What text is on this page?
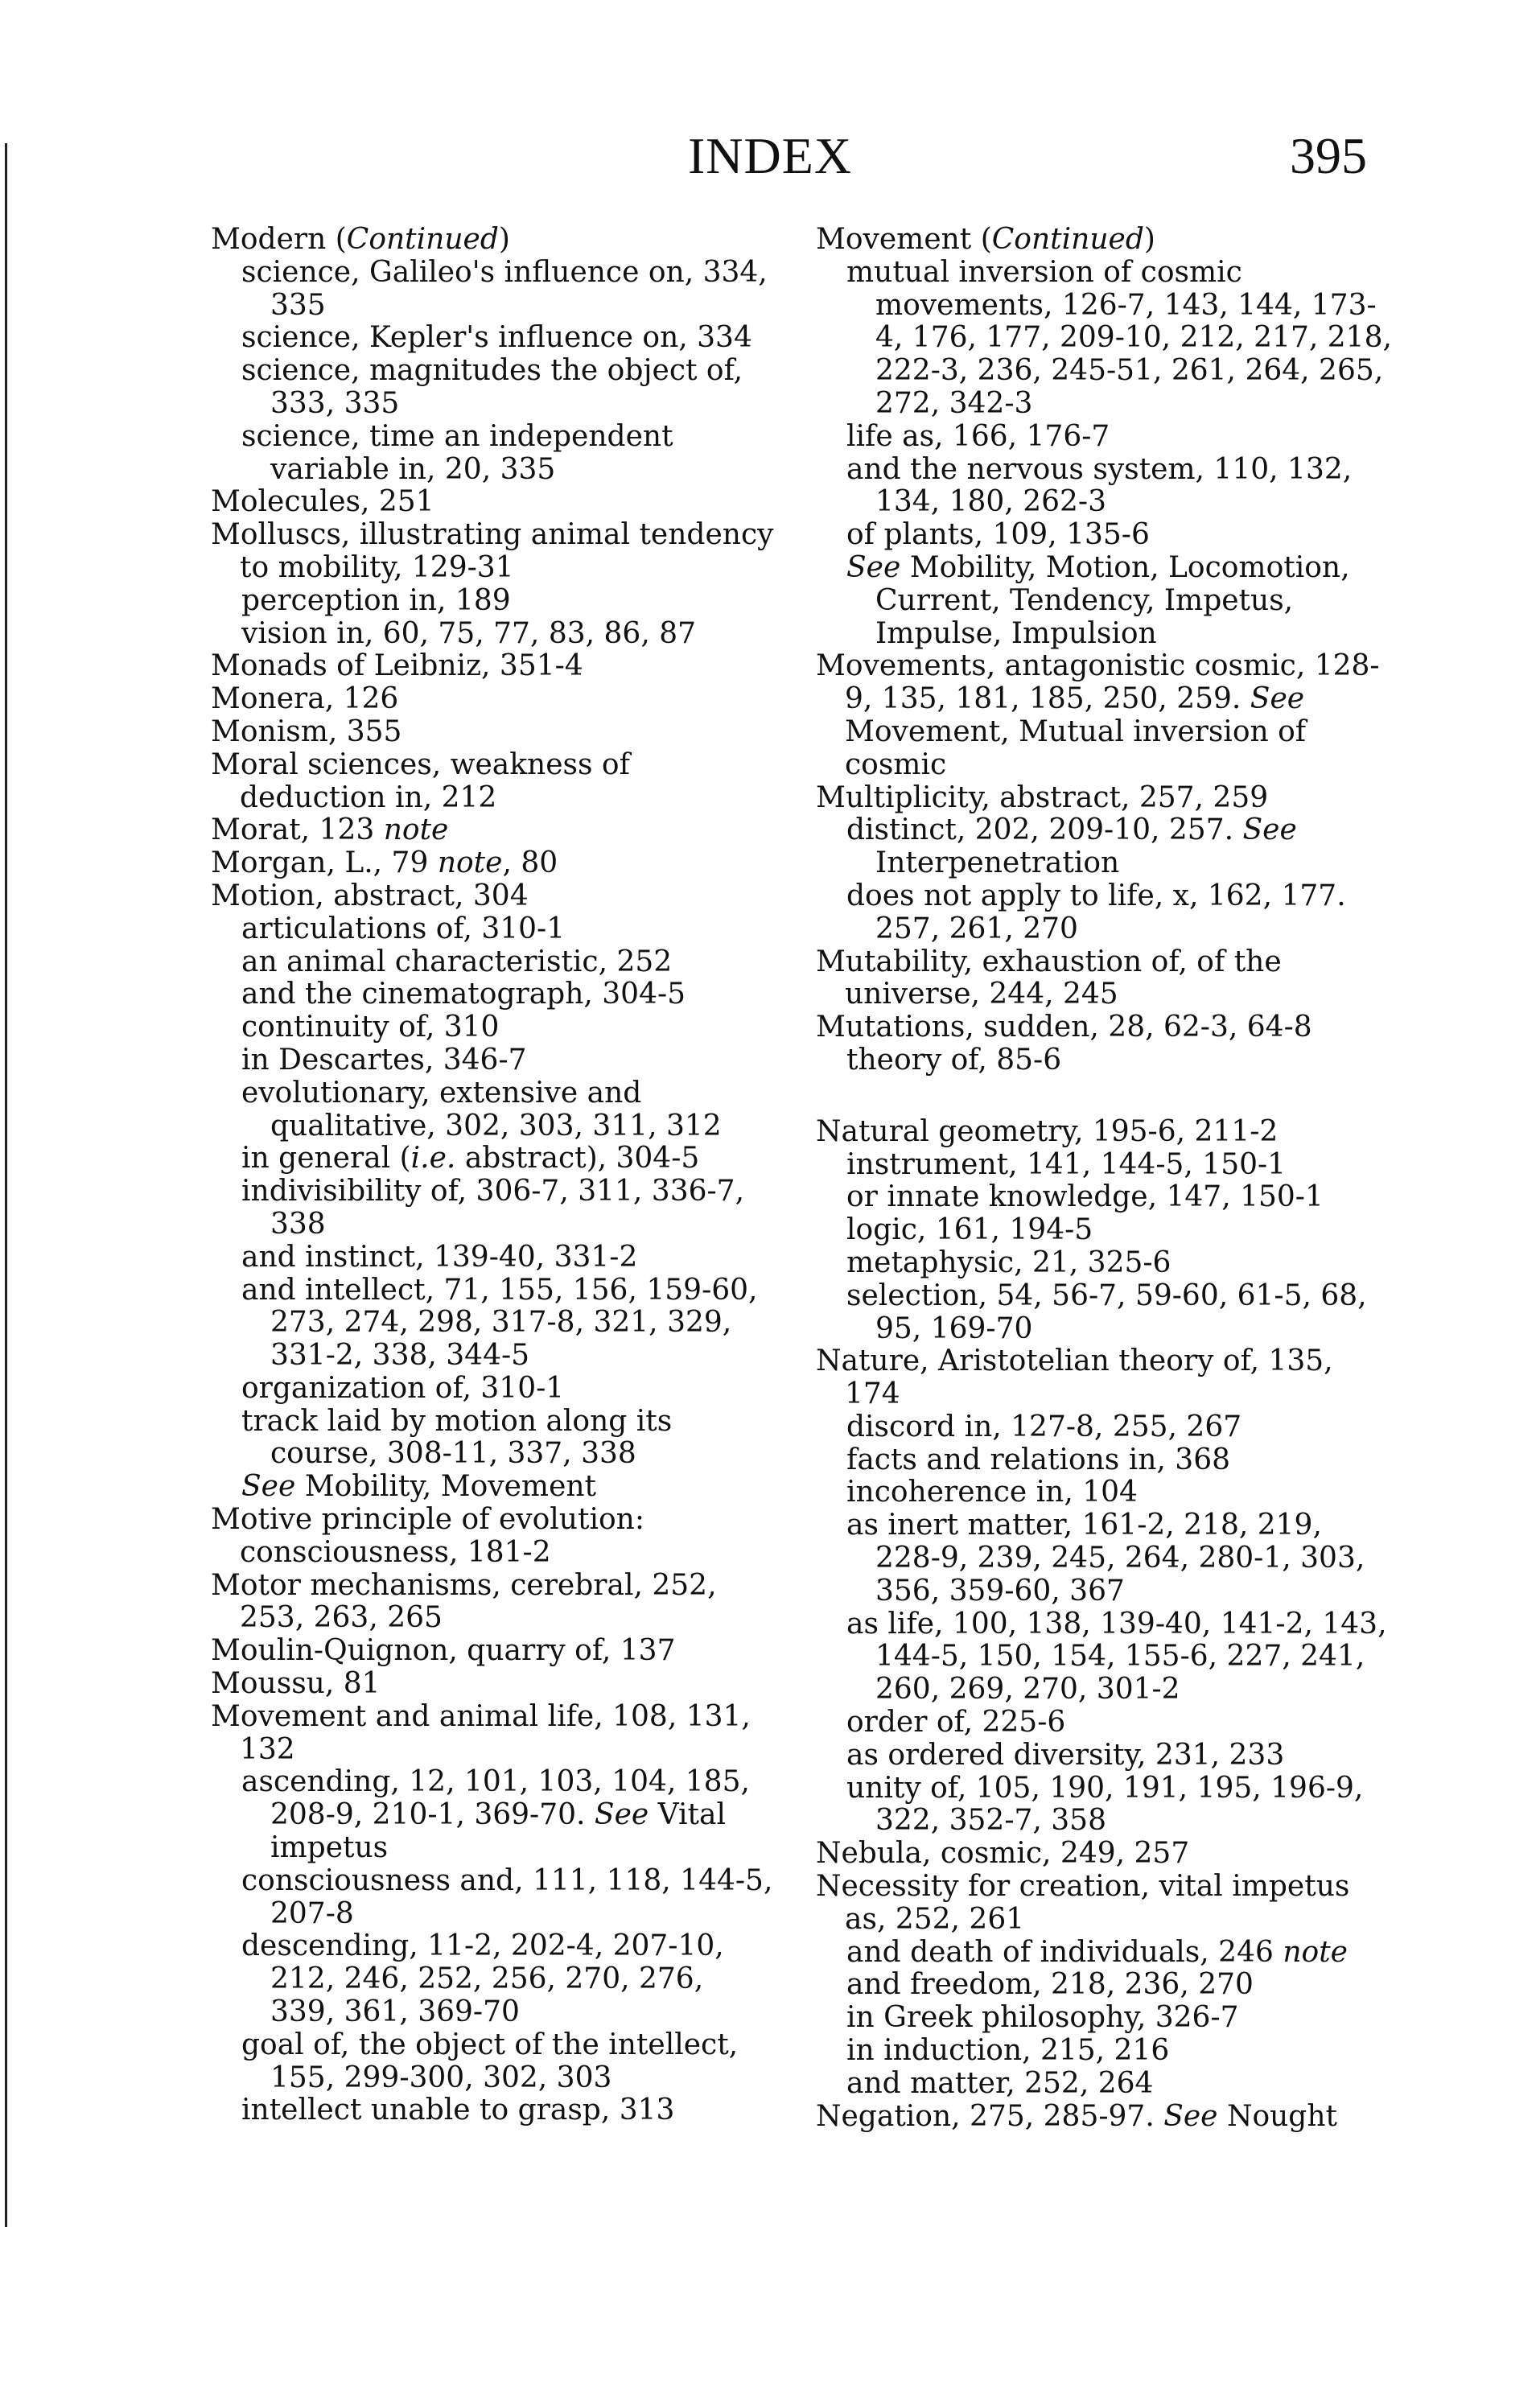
INDEX	395

Modern (Continued)

science, Galileo's influence on, 334, 335

science, Kepler's influence on, 334

science, magnitudes the object of, 333, 335

science, time an independent variable in, 20, 335

Molecules, 251

Molluscs, illustrating animal tendency to mobility, 129-31

perception in, 189

vision in, 60, 75, 77, 83, 86, 87

Monads of Leibniz, 351-4

Monera, 126

Monism, 355

Moral sciences, weakness of deduction in, 212

Morat, 123 note

Morgan, L., 79 note, 80

Motion, abstract, 304

articulations of, 310-1

an animal characteristic, 252

and the cinematograph, 304-5

continuity of, 310

in Descartes, 346-7

evolutionary, extensive and qualitative, 302, 303, 311, 312

in general (i.e. abstract), 304-5

indivisibility of, 306-7, 311, 336-7, 338

and instinct, 139-40, 331-2

and intellect, 71, 155, 156, 159-60, 273, 274, 298, 317-8, 321, 329, 331-2, 338, 344-5

organization of, 310-1

track laid by motion along its course, 308-11, 337, 338

See Mobility, Movement

Motive principle of evolution: consciousness, 181-2

Motor mechanisms, cerebral, 252, 253, 263, 265

Moulin-Quignon, quarry of, 137

Moussu, 81

Movement and animal life, 108, 131, 132

ascending, 12, 101, 103, 104, 185, 208-9, 210-1, 369-70. See Vital impetus

consciousness and, 111, 118, 144-5, 207-8

descending, 11-2, 202-4, 207-10, 212, 246, 252, 256, 270, 276, 339, 361, 369-70

goal of, the object of the intellect, 155, 299-300, 302, 303

intellect unable to grasp, 313

Movement (Continued)

mutual inversion of cosmic movements, 126-7, 143, 144, 173-4, 176, 177, 209-10, 212, 217, 218, 222-3, 236, 245-51, 261, 264, 265, 272, 342-3

life as, 166, 176-7

and the nervous system, 110, 132, 134, 180, 262-3

of plants, 109, 135-6

See Mobility, Motion, Locomotion, Current, Tendency, Impetus, Impulse, Impulsion

Movements, antagonistic cosmic, 128-9, 135, 181, 185, 250, 259. See Movement, Mutual inversion of cosmic

Multiplicity, abstract, 257, 259

distinct, 202, 209-10, 257. See Interpenetration

does not apply to life, x, 162, 177. 257, 261, 270

Mutability, exhaustion of, of the universe, 244, 245

Mutations, sudden, 28, 62-3, 64-8

theory of, 85-6

Natural geometry, 195-6, 211-2

instrument, 141, 144-5, 150-1

or innate knowledge, 147, 150-1

logic, 161, 194-5

metaphysic, 21, 325-6

selection, 54, 56-7, 59-60, 61-5, 68, 95, 169-70

Nature, Aristotelian theory of, 135, 174

discord in, 127-8, 255, 267

facts and relations in, 368

incoherence in, 104

as inert matter, 161-2, 218, 219, 228-9, 239, 245, 264, 280-1, 303, 356, 359-60, 367

as life, 100, 138, 139-40, 141-2, 143, 144-5, 150, 154, 155-6, 227, 241, 260, 269, 270, 301-2

order of, 225-6

as ordered diversity, 231, 233

unity of, 105, 190, 191, 195, 196-9, 322, 352-7, 358

Nebula, cosmic, 249, 257

Necessity for creation, vital impetus as, 252, 261

and death of individuals, 246 note

and freedom, 218, 236, 270

in Greek philosophy, 326-7

in induction, 215, 216

and matter, 252, 264

Negation, 275, 285-97. See Nought
